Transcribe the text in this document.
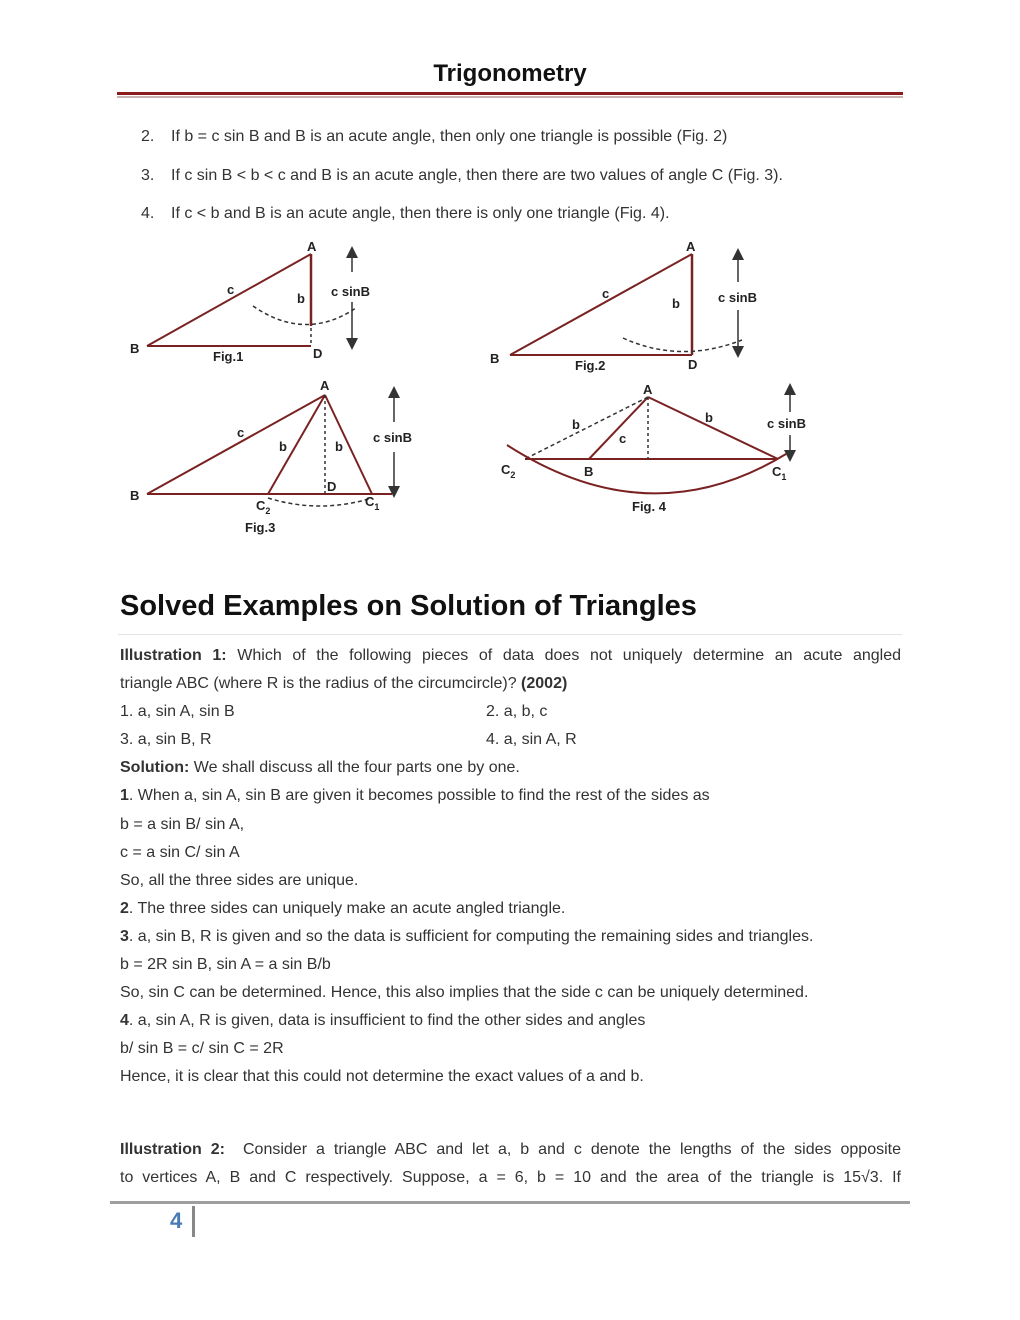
Trigonometry
2. If b = c sin B and B is an acute angle, then only one triangle is possible (Fig. 2)
3. If c sin B < b < c and B is an acute angle, then there are two values of angle C (Fig. 3).
4. If c < b and B is an acute angle, then there is only one triangle (Fig. 4).
A
B	D
c
b c sinB
Fig.1
A
B	D
c
b	c sinB
Fig.2
A
B
D
$C_2$
$C_1$
c
b	b
c sinB
Fig.3
A
B
$C_2$	$C_1$
c
b	b	c sinB
Fig. 4
Solved Examples on Solution of Triangles
Illustration 1: Which of the following pieces of data does not uniquely determine an acute angled
triangle ABC (where R is the radius of the circumcircle)? (2002)
1. a, sin A, sin B	2. a, b, c
3. a, sin B, R	4. a, sin A, R
Solution: We shall discuss all the four parts one by one.
1. When a, sin A, sin B are given it becomes possible to find the rest of the sides as
b = a sin B/ sin A,
c = a sin C/ sin A
So, all the three sides are unique.
2. The three sides can uniquely make an acute angled triangle.
3. a, sin B, R is given and so the data is sufficient for computing the remaining sides and triangles.
b = 2R sin B, sin A = a sin B/b
So, sin C can be determined. Hence, this also implies that the side c can be uniquely determined.
4. a, sin A, R is given, data is insufficient to find the other sides and angles
b/ sin B = c/ sin C = 2R
Hence, it is clear that this could not determine the exact values of a and b.
Illustration 2: Consider a triangle ABC and let a, b and c denote the lengths of the sides opposite
to vertices A, B and C respectively. Suppose, a = 6, b = 10 and the area of the triangle is 15√3. If
4
